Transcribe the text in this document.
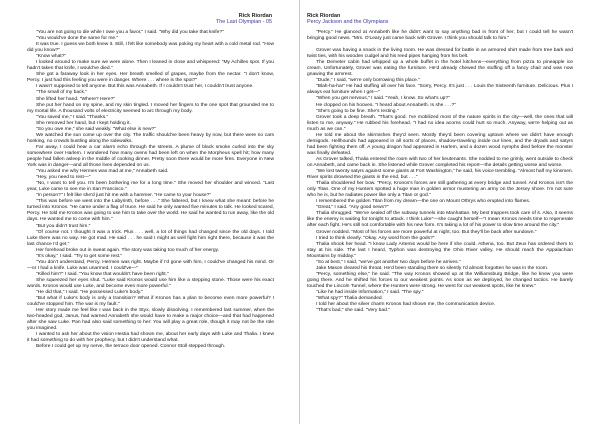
Rick Riordan
The Last Olympian - 05

"You are not going to die while I owe you a favor," I said. "Why did you take that knife?"

"You would've done the same for me."

It was true. I guess we both knew it. Still, I felt like somebody was poking my heart with a cold metal rod. "How did you know?"

"Know what?"

I looked around to make sure we were alone. Then I leaned in close and whispered: "My Achilles spot. If you hadn't taken that knife, I would've died."

She got a faraway look in her eyes. Her breath smelled of grapes, maybe from the nectar. "I don't know, Percy. I just had this feeling you were in danger. Where . . . where is the spot?"

I wasn't supposed to tell anyone. But this was Annabeth. If I couldn't trust her, I couldn't trust anyone.

"The small of my back."

She lifted her hand. "Where? Here?"

She put her hand on my spine, and my skin tingled. I moved her fingers to the one spot that grounded me to my mortal life. A thousand volts of electricity seemed to arc through my body.

"You saved me," I said. "Thanks."

She removed her hand, but I kept holding it.

"So you owe me," she said weakly. "What else is new?"

We watched the sun come up over the city. The traffic should've been heavy by now, but there were no cars honking, no crowds bustling along the sidewalks.

Far away, I could hear a car alarm echo through the streets. A plume of black smoke curled into the sky somewhere over Harlem. I wondered how many ovens had been left on when the Morpheus spell hit; how many people had fallen asleep in the middle of cooking dinner. Pretty soon there would be more fires. Everyone in New York was in danger—and all those lives depended on us.

"You asked me why Hermes was mad at me," Annabeth said.

"Hey, you need to rest—"

"No, I want to tell you. It's been bothering me for a long time." She moved her shoulder and winced. "Last year, Luke came to see me in San Francisco."

"In person?" I felt like she'd just hit me with a hammer. "He came to your house?"

"This was before we went into the Labyrinth, before . . ." She faltered, but I knew what she meant: before he turned into Kronos. "He came under a flag of truce. He said he only wanted five minutes to talk. He looked scared, Percy. He told me Kronos was going to use him to take over the world. He said he wanted to run away, like the old days. He wanted me to come with him."

"But you didn't trust him."

"Of course not. I thought it was a trick. Plus . . . well, a lot of things had changed since the old days. I told Luke there was no way. He got mad. He said . . . he said I might as well fight him right there, because it was the last chance I'd get."

Her forehead broke out in sweat again. The story was taking too much of her energy.

"It's okay," I said. "Try to get some rest."

"You don't understand, Percy. Hermes was right. Maybe if I'd gone with him, I could've changed his mind. Or—or I had a knife. Luke was unarmed. I could've—"

"Killed him?" I said. "You know that wouldn't have been right."

She squeezed her eyes shut. "Luke said Kronos would use him like a stepping stone. Those were his exact words. Kronos would use Luke, and become even more powerful."

"He did that," I said. "He possessed Luke's body."

"But what if Luke's body is only a transition? What if Kronos has a plan to become even more powerful? I could've stopped him. The war is my fault."

Her story made me feel like I was back in the Styx, slowly dissolving. I remembered last summer, when the two-headed god, Janus, had warned Annabeth she would have to make a major choice—and that had happened after she saw Luke. Pan had also said something to her: You will play a great role, though it may not be the role you imagined.

I wanted to ask her about the vision Hestia had shown me, about her early days with Luke and Thalia. I knew it had something to do with her prophecy, but I didn't understand what.

Before I could get up my nerve, the terrace door opened. Connor Stoll stepped through.

Rick Riordan
Percy Jackson and the Olympians

"Percy." He glanced at Annabeth like he didn't want to say anything bad in front of her, but I could tell he wasn't bringing good news. "Mrs. O'Leary just came back with Grover. I think you should talk to him."

Grover was having a snack in the living room. He was dressed for battle in an armored shirt made from tree bark and twist ties, with his wooden cudgel and his reed pipes hanging from his belt.

The Demeter cabin had whipped up a whole buffet in the hotel kitchens—everything from pizza to pineapple ice cream. Unfortunately, Grover was eating the furniture. He'd already chewed the stuffing off a fancy chair and was now gnawing the armrest.

"Dude," I said, "we're only borrowing this place."

"Blah-ha-ha!" He had stuffing all over his face. "Sorry, Percy. It's just . . . Louis the Sixteenth furniture. Delicious. Plus I always eat furniture when I get—"

"When you get nervous," I said. "Yeah, I know. So what's up?"

He clopped on his hooves. "I heard about Annabeth. Is she . . .?"

"She's going to be fine. She's resting."

Grover took a deep breath. "That's good. I've mobilized most of the nature spirits in the city—well, the ones that will listen to me, anyway." He rubbed his forehead. "I had no idea acorns could hurt so much. Anyway, we're helping out as much as we can."

He told me about the skirmishes they'd seen. Mostly they'd been covering uptown where we didn't have enough demigods. Hellhounds had appeared in all sorts of places, shadow-traveling inside our lines, and the dryads and satyrs had been fighting them off. A young dragon had appeared in Harlem, and a dozen wood nymphs died before the monster was finally defeated.

As Grover talked, Thalia entered the room with two of her lieutenants. She nodded to me grimly, went outside to check on Annabeth, and came back in. She listened while Grover completed his report—the details getting worse and worse.

"We lost twenty satyrs against some giants at Fort Washington," he said, his voice trembling. "Almost half my kinsmen. River spirits drowned the giants in the end, but . . ."

Thalia shouldered her bow. "Percy, Kronos's forces are still gathering at every bridge and tunnel. And Kronos isn't the only Titan. One of my Hunters spotted a huge man in golden armor mustering an army on the Jersey shore. I'm not sure who he is, but he radiates power like only a Titan or god."

I remembered the golden Titan from my dream—the one on Mount Othrys who erupted into flames.

"Great," I said. "Any good news?"

Thalia shrugged. "We've sealed off the subway tunnels into Manhattan. My best trappers took care of it. Also, it seems like the enemy is waiting for tonight to attack. I think Luke"—she caught herself—"I mean Kronos needs time to regenerate after each fight. He's still not comfortable with his new form. It's taking a lot of his power to slow time around the city."

Grover nodded. "Most of his forces are more powerful at night, too. But they'll be back after sundown."

I tried to think clearly. "Okay. Any word from the gods?"

Thalia shook her head. "I know Lady Artemis would be here if she could. Athena, too. But Zeus has ordered them to stay at his side. The last I heard, Typhon was destroying the Ohio River valley. He should reach the Appalachian Mountains by midday."

"So at best," I said, "we've got another two days before he arrives."

Jake Mason cleared his throat. He'd been standing there so silently I'd almost forgotten he was in the room.

"Percy, something else," he said. "The way Kronos showed up at the Williamsburg Bridge, like he knew you were going there. And he shifted his forces to our weakest points. As soon as we deployed, he changed tactics. He barely touched the Lincoln Tunnel, where the Hunters were strong. He went for our weakest spots, like he knew."

"Like he had inside information," I said. "The spy."

"What spy?" Thalia demanded.

I told her about the silver charm Kronos had shown me, the communication device.

"That's bad," she said. "Very bad."
